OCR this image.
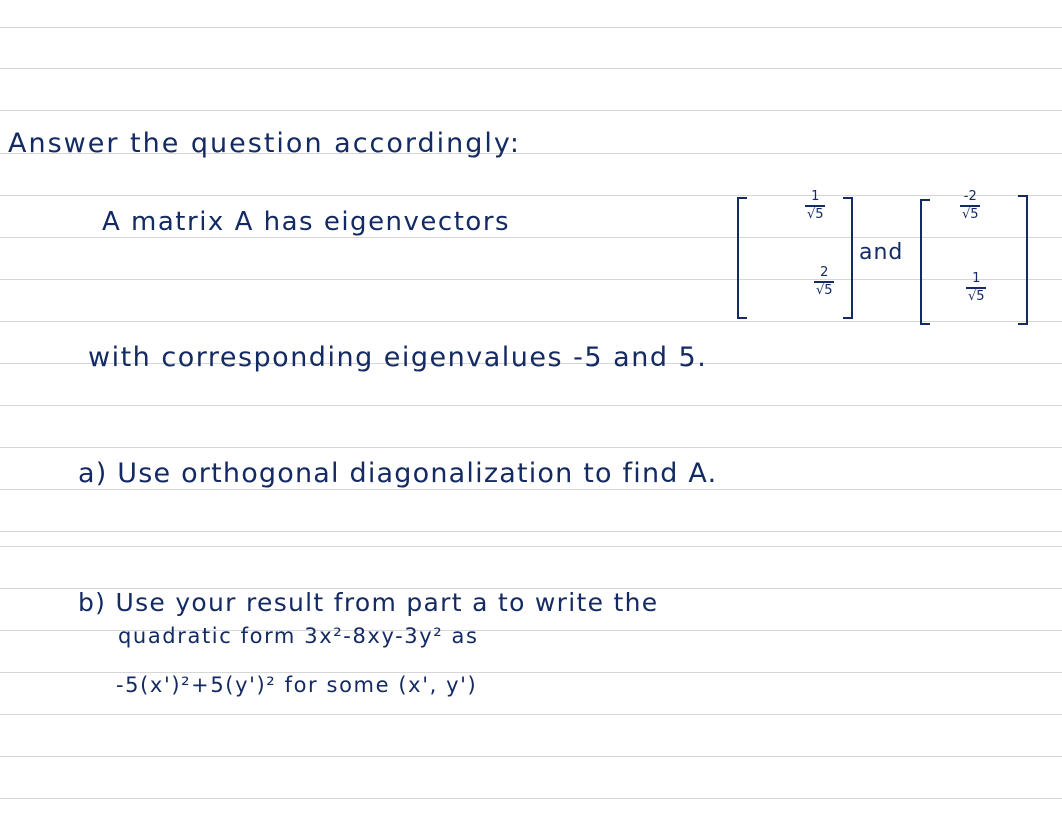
Answer the question accordingly:
A matrix A has eigenvectors
1
√5
2
√5
and
-2
√5
1
√5
with corresponding eigenvalues -5 and 5.
a) Use orthogonal diagonalization to find A.
b) Use your result from part a to write the
quadratic form 3x²-8xy-3y² as
-5(x')²+5(y')² for some (x', y')
